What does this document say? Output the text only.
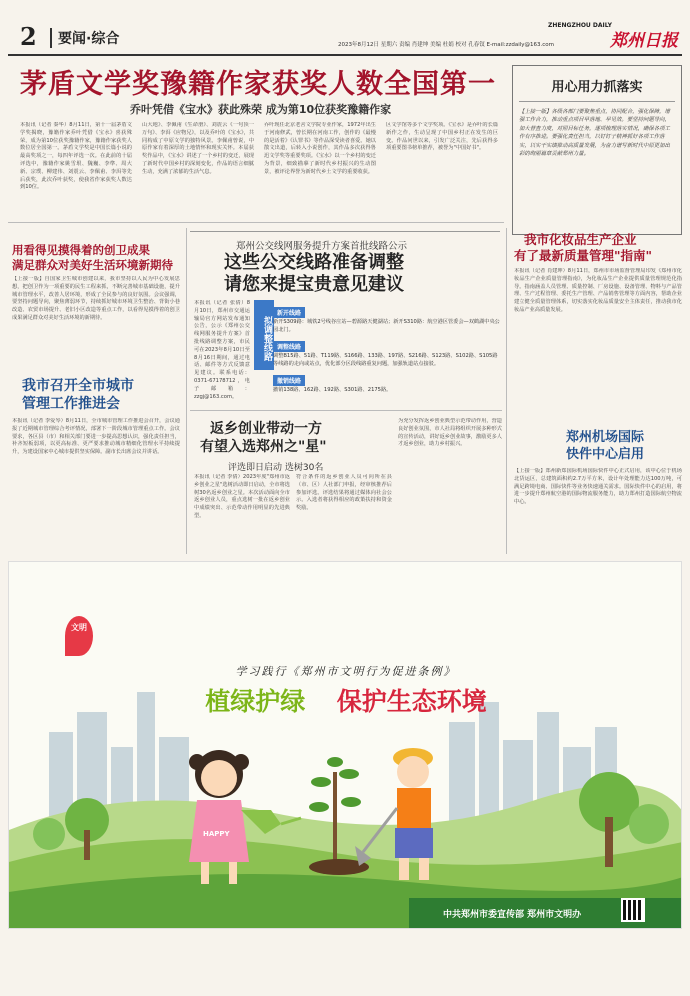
2	要闻·综合
ZHENGZHOU DAILY
2023年8月12日 星期六 责编 肖建坤 美编 杜娟 校对 孔春钗 E-mail:zzdaily@163.com	郑州日报
茅盾文学奖豫籍作家获奖人数全国第一
乔叶凭借《宝水》获此殊荣 成为第10位获奖豫籍作家
本报讯（记者 秦华）8月11日，第十一届茅盾文学奖揭晓，豫籍作家乔叶凭借《宝水》喜获殊荣，成为第10位获奖豫籍作家，豫籍作家获奖人数位居全国第一。茅盾文学奖是中国长篇小说的最高奖项之一，每四年评选一次。在此前的十届评选中，豫籍作家姚雪垠、魏巍、李準、周大新、宗璞、柳建伟、刘震云、李佩甫、李洱等先后获奖，此次乔叶获奖，使我省作家获奖人数达到10位。
山大地》、李佩甫《生命册》、刘震云《一句顶一万句》、李洱《应物兄》，以及乔叶的《宝水》，共同构成了中原文学的独特风景。李佩甫曾说，中原作家有着深厚的土地情怀和现实关怀。本届获奖作品中，《宝水》讲述了一个乡村的变迁，展现了新时代中国乡村的深刻变化，作品的语言细腻生动，充满了浓郁的生活气息。
乔叶现任北京老舍文学院专业作家，1972年出生于河南修武，曾长期在河南工作，创作的《最慢的是活着》《认罪书》等作品深受读者喜爱。她以散文出道，后转入小说创作，其作品多次获得鲁迅文学奖等重要奖项。《宝水》以一个乡村的变迁为背景，细致描摹了新时代乡村振兴的生动图景，被评论界誉为新时代乡土文学的重要收获。
区文学馆等多个文学奖项。《宝水》是乔叶的长篇新作之作，生动呈现了中国乡村正在发生的巨变。作品问世以来，引发广泛关注，先后获得多项重要图书榜单推荐，被誉为"中国好书"。
用心用力抓落实
【上接一版】各级各部门要聚焦重点，协同配合，强化保障，增强工作合力，推动重点项目早落地、早见效。要坚持问题导向，加大督查力度，对照目标任务，逐项梳理落实情况，确保各项工作有序推进。要强化责任担当，以钉钉子精神抓好各项工作落实，以实干实绩推动高质量发展，为奋力谱写新时代中原更加出彩的绚丽篇章贡献郑州力量。
用看得见摸得着的创卫成果
满足群众对美好生活环境新期待
【上接一版】自国家卫生城市创建以来，我市坚持以人民为中心发展思想，把创卫作为一项重要的民生工程来抓，不断完善城市基础设施，提升城市管理水平，改善人居环境，形成了全民参与的良好氛围。会议强调，要坚持问题导向，聚焦薄弱环节，持续抓好城市环境卫生整治、背街小巷改造、农贸市场提升、老旧小区改造等重点工作，以看得见摸得着的创卫成果满足群众对美好生活环境的新期待。
我市召开全市城市
管理工作推进会
本报讯（记者 李爱琴）8月11日，全市城市管理工作推进会召开，会议通报了近期城市管理综合考评情况，部署下一阶段城市管理重点工作。会议要求，各区县（市）和相关部门要进一步提高思想认识，强化责任担当，补齐短板弱项，以更高标准、更严要求推动城市精细化管理水平持续提升，为建设国家中心城市提供坚实保障。副市长出席会议并讲话。
郑州公交线网服务提升方案首批线路公示
这些公交线路准备调整
请您来提宝贵意见建议
本报讯（记者 张倩）8月10日，郑州市交通运输局官方网站发布通知公告，公示《郑州公交线网服务提升方案》首批线路调整方案，市民可在2023年8月10日至8月16日期间，通过电话、邮件等方式反馈意见建议。联系电话：0371-67178712，电子邮箱：zzgj@163.com。
拟调整线路
新开线路
新开S309路：城铁2号线谷庄站—碧源路天健湖站；新开S310路：航空港区管委会—双鹤湖中央公园北门。
调整线路
调整B15路、51路、T119路、S166路、133路、197路、S216路、S123路、S102路、S105路等线路的走向或站点，优化部分区段线路重复问题，加强轨道站点接驳。
撤销线路
撤销138路、162路、192路、S301路、2175路。
返乡创业带动一方
有望入选郑州之"星"
评选即日启动 选树30名
本报讯（记者 李倩）2023年度"郑州市返乡创业之星"选树活动即日启动，全市将选树30名返乡创业之星。本次活动面向全市返乡创业人员，重点选树一批在返乡创业中成绩突出、示范带动作用明显的先进典型。
符合条件的返乡创业人员可向所在县（市、区）人社部门申报，经审核推荐后参加评选。评选结果将通过媒体向社会公示。入选者将获得相应的政策扶持和资金奖励。
为充分发挥返乡创业典型示范带动作用，营造良好创业氛围，市人社局将组织开展多种形式的宣传活动，讲好返乡创业故事，激励更多人才返乡创业，助力乡村振兴。
我市化妆品生产企业
有了最新质量管理"指南"
本报讯（记者 肖建坤）8月11日，郑州市市场监督管理局印发《郑州市化妆品生产企业质量管理指南》，为化妆品生产企业提供质量管理规范化指导。指南涵盖人员管理、质量控制、厂房设施、设备管理、物料与产品管理、生产过程管理、委托生产管理、产品销售管理等方面内容，帮助企业建立健全质量管理体系，切实落实化妆品质量安全主体责任，推动我市化妆品产业高质量发展。
郑州机场国际
快件中心启用
【上接一版】郑州新郑国际机场国际快件中心正式启用，该中心位于机场北货运区，总建筑面积约2.7万平方米，设计年处理能力达100万吨，可满足跨境电商、国际快件等业务快速通关需求。国际快件中心的启用，将进一步提升郑州航空港的国际物流服务能力，助力郑州打造国际航空物流中心。
文明
学习践行《郑州市文明行为促进条例》
植绿护绿 保护生态环境
HAPPY
中共郑州市委宣传部 郑州市文明办
